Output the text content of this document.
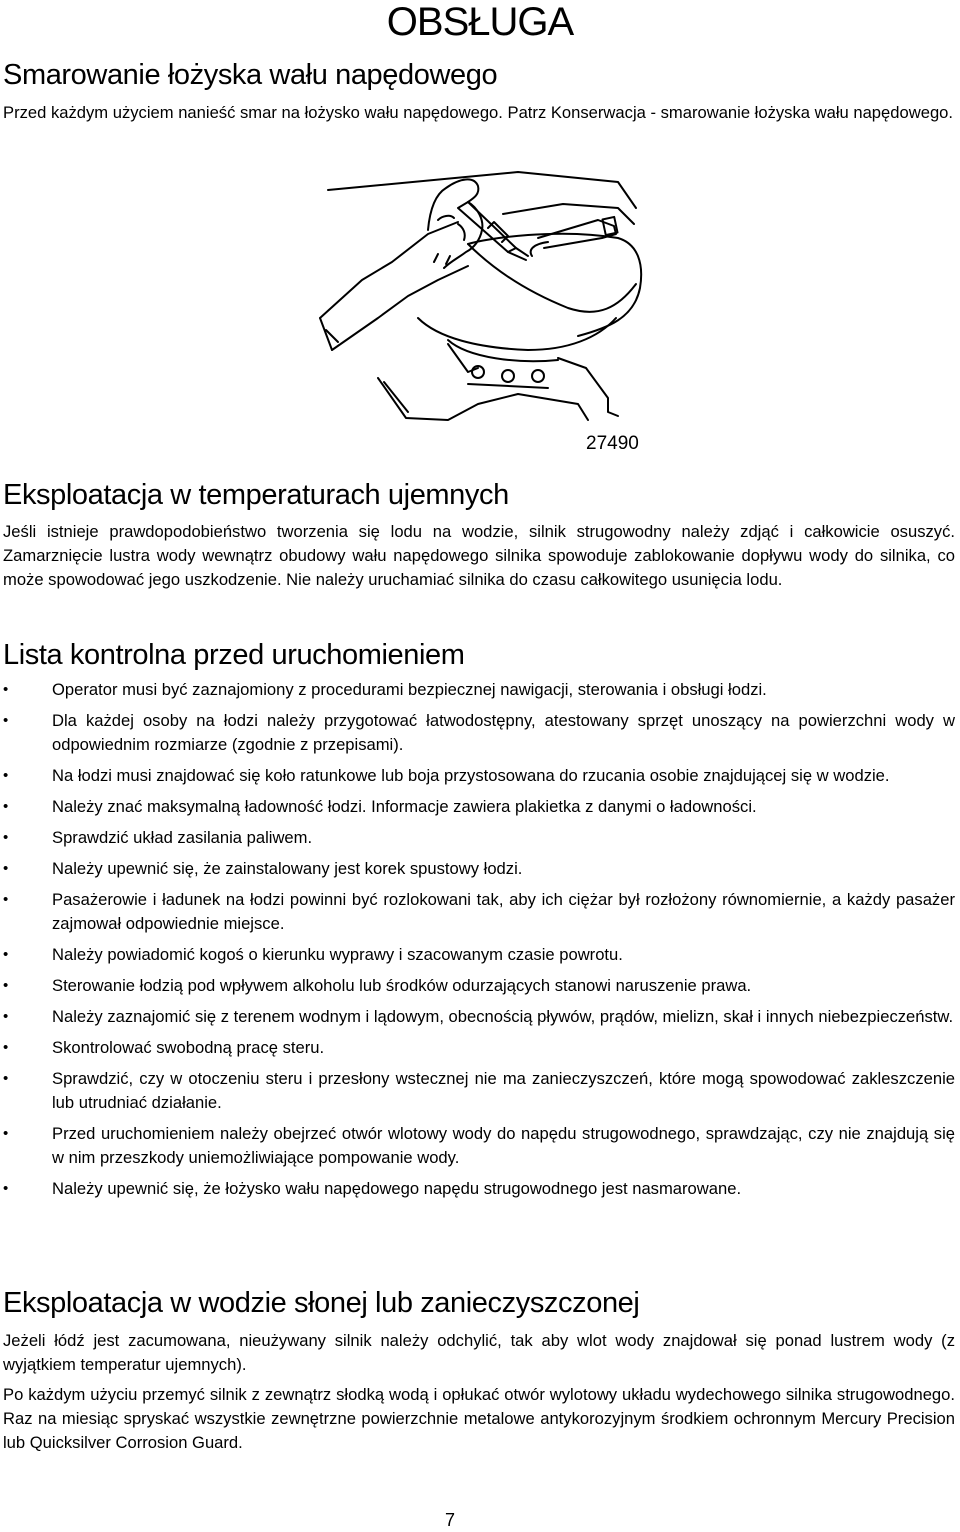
OBSŁUGA
Smarowanie łożyska wału napędowego

Przed każdym użyciem nanieść smar na łożysko wału napędowego. Patrz Konserwacja - smarowanie łożyska wału napędowego.

27490
Eksploatacja w temperaturach ujemnych

Jeśli istnieje prawdopodobieństwo tworzenia się lodu na wodzie, silnik strugowodny należy zdjąć i całkowicie osuszyć. Zamarznięcie lustra wody wewnątrz obudowy wału napędowego silnika spowoduje zablokowanie dopływu wody do silnika, co może spowodować jego uszkodzenie. Nie należy uruchamiać silnika do czasu całkowitego usunięcia lodu.

Lista kontrolna przed uruchomieniem
•	Operator musi być zaznajomiony z procedurami bezpiecznej nawigacji, sterowania i obsługi łodzi.
•	Dla każdej osoby na łodzi należy przygotować łatwodostępny, atestowany sprzęt unoszący na powierzchni wody w odpowiednim rozmiarze (zgodnie z przepisami).
•	Na łodzi musi znajdować się koło ratunkowe lub boja przystosowana do rzucania osobie znajdującej się w wodzie.
•	Należy znać maksymalną ładowność łodzi. Informacje zawiera plakietka z danymi o ładowności.
•	Sprawdzić układ zasilania paliwem.
•	Należy upewnić się, że zainstalowany jest korek spustowy łodzi.
•	Pasażerowie i ładunek na łodzi powinni być rozlokowani tak, aby ich ciężar był rozłożony równomiernie, a każdy pasażer zajmował odpowiednie miejsce.
•	Należy powiadomić kogoś o kierunku wyprawy i szacowanym czasie powrotu.
•	Sterowanie łodzią pod wpływem alkoholu lub środków odurzających stanowi naruszenie prawa.
•	Należy zaznajomić się z terenem wodnym i lądowym, obecnością pływów, prądów, mielizn, skał i innych niebezpieczeństw.
•	Skontrolować swobodną pracę steru.
•	Sprawdzić, czy w otoczeniu steru i przesłony wstecznej nie ma zanieczyszczeń, które mogą spowodować zakleszczenie lub utrudniać działanie.
•	Przed uruchomieniem należy obejrzeć otwór wlotowy wody do napędu strugowodnego, sprawdzając, czy nie znajdują się w nim przeszkody uniemożliwiające pompowanie wody.
•	Należy upewnić się, że łożysko wału napędowego napędu strugowodnego jest nasmarowane.
Eksploatacja w wodzie słonej lub zanieczyszczonej

Jeżeli łódź jest zacumowana, nieużywany silnik należy odchylić, tak aby wlot wody znajdował się ponad lustrem wody (z wyjątkiem temperatur ujemnych).

Po każdym użyciu przemyć silnik z zewnątrz słodką wodą i opłukać otwór wylotowy układu wydechowego silnika strugowodnego. Raz na miesiąc spryskać wszystkie zewnętrzne powierzchnie metalowe antykorozyjnym środkiem ochronnym Mercury Precision lub Quicksilver Corrosion Guard.

7
